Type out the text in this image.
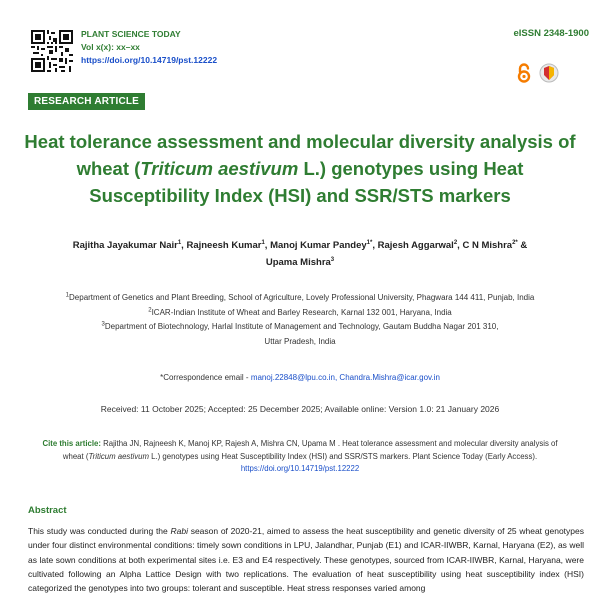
PLANT SCIENCE TODAY
Vol x(x): xx–xx
https://doi.org/10.14719/pst.12222
eISSN 2348-1900
RESEARCH ARTICLE
Heat tolerance assessment and molecular diversity analysis of wheat (Triticum aestivum L.) genotypes using Heat Susceptibility Index (HSI) and SSR/STS markers
Rajitha Jayakumar Nair$^1$, Rajneesh Kumar$^1$, Manoj Kumar Pandey$^{1*}$, Rajesh Aggarwal$^2$, C N Mishra$^{2*}$ &
Upama Mishra$^3$
$^1$Department of Genetics and Plant Breeding, School of Agriculture, Lovely Professional University, Phagwara 144 411, Punjab, India
$^2$ICAR-Indian Institute of Wheat and Barley Research, Karnal 132 001, Haryana, India
$^3$Department of Biotechnology, Harlal Institute of Management and Technology, Gautam Buddha Nagar 201 310,
Uttar Pradesh, India
*Correspondence email - manoj.22848@lpu.co.in, Chandra.Mishra@icar.gov.in
Received: 11 October 2025; Accepted: 25 December 2025; Available online: Version 1.0: 21 January 2026
Cite this article: Rajitha JN, Rajneesh K, Manoj KP, Rajesh A, Mishra CN, Upama M . Heat tolerance assessment and molecular diversity analysis of wheat (Triticum aestivum L.) genotypes using Heat Susceptibility Index (HSI) and SSR/STS markers. Plant Science Today (Early Access).
https://doi.org/10.14719/pst.12222
Abstract
This study was conducted during the Rabi season of 2020-21, aimed to assess the heat susceptibility and genetic diversity of 25 wheat genotypes under four distinct environmental conditions: timely sown conditions in LPU, Jalandhar, Punjab (E1) and ICAR-IIWBR, Karnal, Haryana (E2), as well as late sown conditions at both experimental sites i.e. E3 and E4 respectively. These genotypes, sourced from ICAR-IIWBR, Karnal, Haryana, were cultivated following an Alpha Lattice Design with two replications. The evaluation of heat susceptibility using heat susceptibility index (HSI) categorized the genotypes into two groups: tolerant and susceptible. Heat stress responses varied among
